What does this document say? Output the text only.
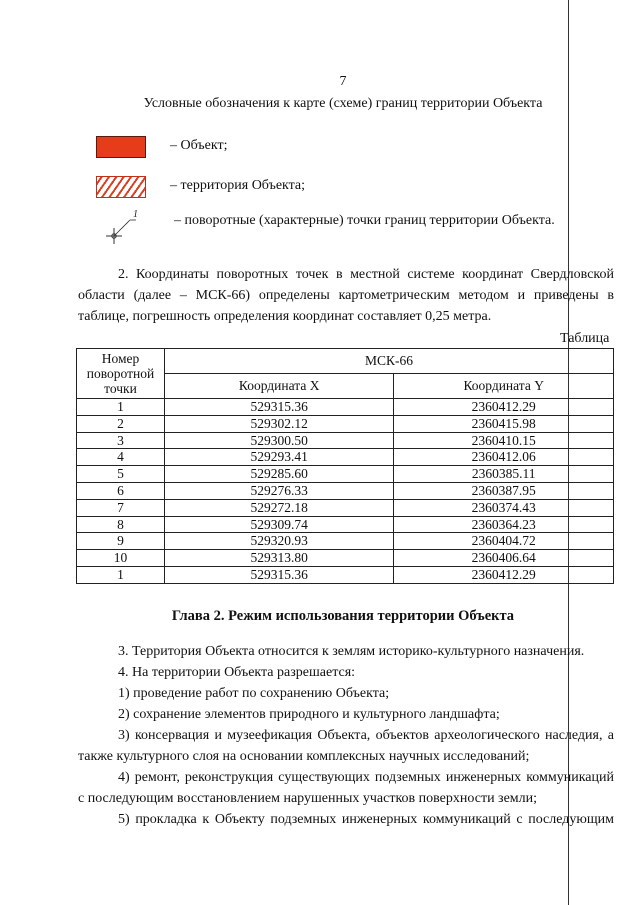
7
Условные обозначения к карте (схеме) границ территории Объекта
– Объект;
– территория Объекта;
1	– поворотные (характерные) точки границ территории Объекта.
2. Координаты поворотных точек в местной системе координат Свердловской области (далее – МСК-66) определены картометрическим методом и приведены в таблице, погрешность определения координат составляет 0,25 метра.
Таблица
Номер поворотной точки	МСК-66	
	Координата X	Координата Y
1	529315.36	2360412.29
2	529302.12	2360415.98
3	529300.50	2360410.15
4	529293.41	2360412.06
5	529285.60	2360385.11
6	529276.33	2360387.95
7	529272.18	2360374.43
8	529309.74	2360364.23
9	529320.93	2360404.72
10	529313.80	2360406.64
1	529315.36	2360412.29
Глава 2. Режим использования территории Объекта
3. Территория Объекта относится к землям историко-культурного назначения.
4. На территории Объекта разрешается:
1) проведение работ по сохранению Объекта;
2) сохранение элементов природного и культурного ландшафта;
3) консервация и музеефикация Объекта, объектов археологического наследия, а также культурного слоя на основании комплексных научных исследований;
4) ремонт, реконструкция существующих подземных инженерных коммуникаций с последующим восстановлением нарушенных участков поверхности земли;
5) прокладка к Объекту подземных инженерных коммуникаций с последующим
